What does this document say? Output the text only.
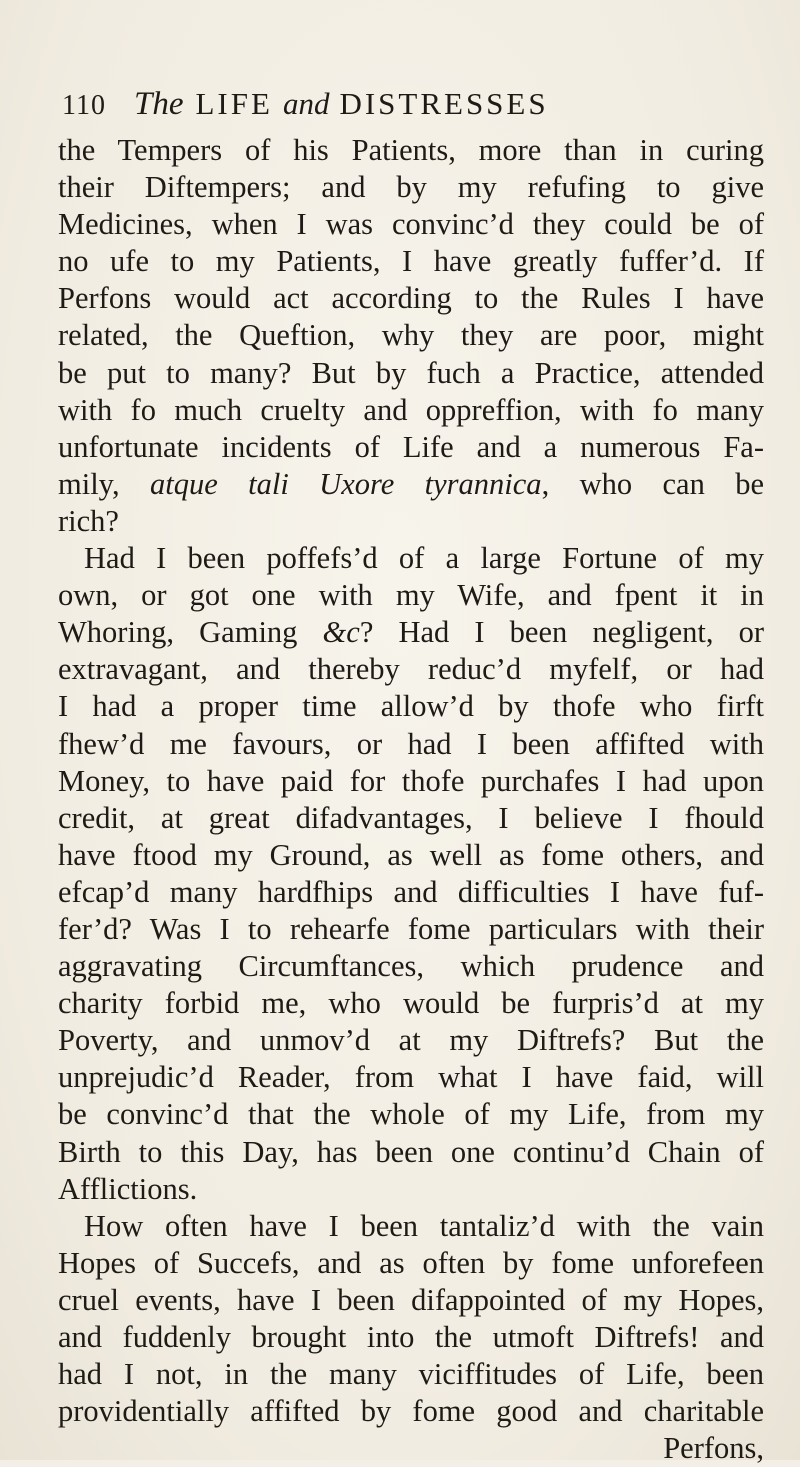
110 The LIFE and DISTRESSES
the Tempers of his Patients, more than in curing
their Diftempers; and by my refufing to give
Medicines, when I was convinc’d they could be of
no ufe to my Patients, I have greatly fuffer’d. If
Perfons would act according to the Rules I have
related, the Queftion, why they are poor, might
be put to many? But by fuch a Practice, attended
with fo much cruelty and oppreffion, with fo many
unfortunate incidents of Life and a numerous Fa-
mily, atque tali Uxore tyrannica, who can be
rich?
Had I been poffefs’d of a large Fortune of my
own, or got one with my Wife, and fpent it in
Whoring, Gaming &c? Had I been negligent, or
extravagant, and thereby reduc’d myfelf, or had
I had a proper time allow’d by thofe who firft
fhew’d me favours, or had I been affifted with
Money, to have paid for thofe purchafes I had upon
credit, at great difadvantages, I believe I fhould
have ftood my Ground, as well as fome others, and
efcap’d many hardfhips and difficulties I have fuf-
fer’d? Was I to rehearfe fome particulars with their
aggravating Circumftances, which prudence and
charity forbid me, who would be furpris’d at my
Poverty, and unmov’d at my Diftrefs? But the
unprejudic’d Reader, from what I have faid, will
be convinc’d that the whole of my Life, from my
Birth to this Day, has been one continu’d Chain of
Afflictions.
How often have I been tantaliz’d with the vain
Hopes of Succefs, and as often by fome unforefeen
cruel events, have I been difappointed of my Hopes,
and fuddenly brought into the utmoft Diftrefs! and
had I not, in the many viciffitudes of Life, been
providentially affifted by fome good and charitable
Perfons,
